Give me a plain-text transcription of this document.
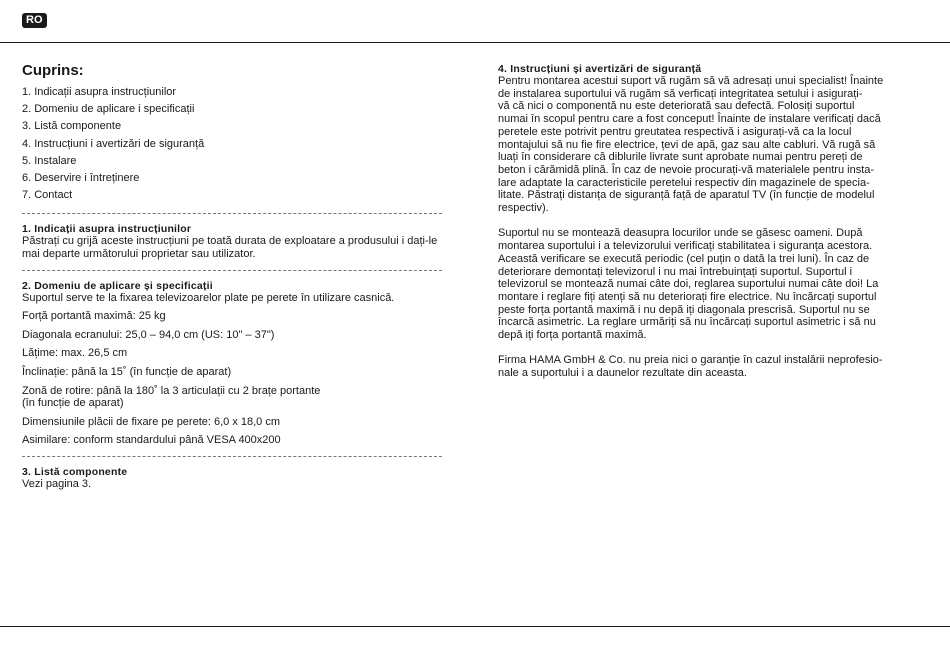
RO
Cuprins:
1. Indicații asupra instrucțiunilor
2. Domeniu de aplicare i specificații
3. Listă componente
4. Instrucțiuni i avertizări de siguranță
5. Instalare
6. Deservire i întreținere
7. Contact
1. Indicații asupra instrucțiunilor
Păstrați cu grijă aceste instrucțiuni pe toată durata de exploatare a produsului i dați-le mai departe următorului proprietar sau utilizator.
2. Domeniu de aplicare și specificații
Suportul serve te la fixarea televizoarelor plate pe perete în utilizare casnică.
Forță portantă maximă: 25 kg
Diagonala ecranului: 25,0 – 94,0 cm (US: 10" – 37")
Lățime: max. 26,5 cm
Înclinație: până la 15˚ (în funcție de aparat)
Zonă de rotire: până la 180˚ la 3 articulații cu 2 brațe portante
(în funcție de aparat)
Dimensiunile plăcii de fixare pe perete: 6,0 x 18,0 cm
Asimilare: conform standardului până VESA 400x200
3. Listă componente
Vezi pagina 3.
4. Instrucțiuni și avertizări de siguranță
Pentru montarea acestui suport vă rugăm să vă adresați unui specialist! Înainte
de instalarea suportului vă rugăm să verficați integritatea setului i asigurați-
vă că nici o componentă nu este deteriorată sau defectă. Folosiți suportul
numai în scopul pentru care a fost conceput! Înainte de instalare verificați dacă
peretele este potrivit pentru greutatea respectivă i asigurați-vă ca la locul
montajului să nu fie fire electrice, țevi de apă, gaz sau alte cabluri. Vă rugă să
luați în considerare că diblurile livrate sunt aprobate numai pentru pereți de
beton i cărămidă plină. În caz de nevoie procurați-vă materialele pentru insta-
lare adaptate la caracteristicile peretelui respectiv din magazinele de specia-
litate. Păstrați distanța de siguranță față de aparatul TV (în funcție de modelul
respectiv).
Suportul nu se montează deasupra locurilor unde se găsesc oameni. După
montarea suportului i a televizorului verificați stabilitatea i siguranța acestora.
Această verificare se execută periodic (cel puțin o dată la trei luni). În caz de
deteriorare demontați televizorul i nu mai întrebuințați suportul. Suportul i
televizorul se montează numai câte doi, reglarea suportului numai câte doi! La
montare i reglare fiți atenți să nu deteriorați fire electrice. Nu încărcați suportul
peste forța portantă maximă i nu depă iți diagonala prescrisă. Suportul nu se
încarcă asimetric. La reglare urmăriți să nu încărcați suportul asimetric i să nu
depă iți forța portantă maximă.
Firma HAMA GmbH & Co. nu preia nici o garanție în cazul instalării neprofesio-
nale a suportului i a daunelor rezultate din aceasta.
